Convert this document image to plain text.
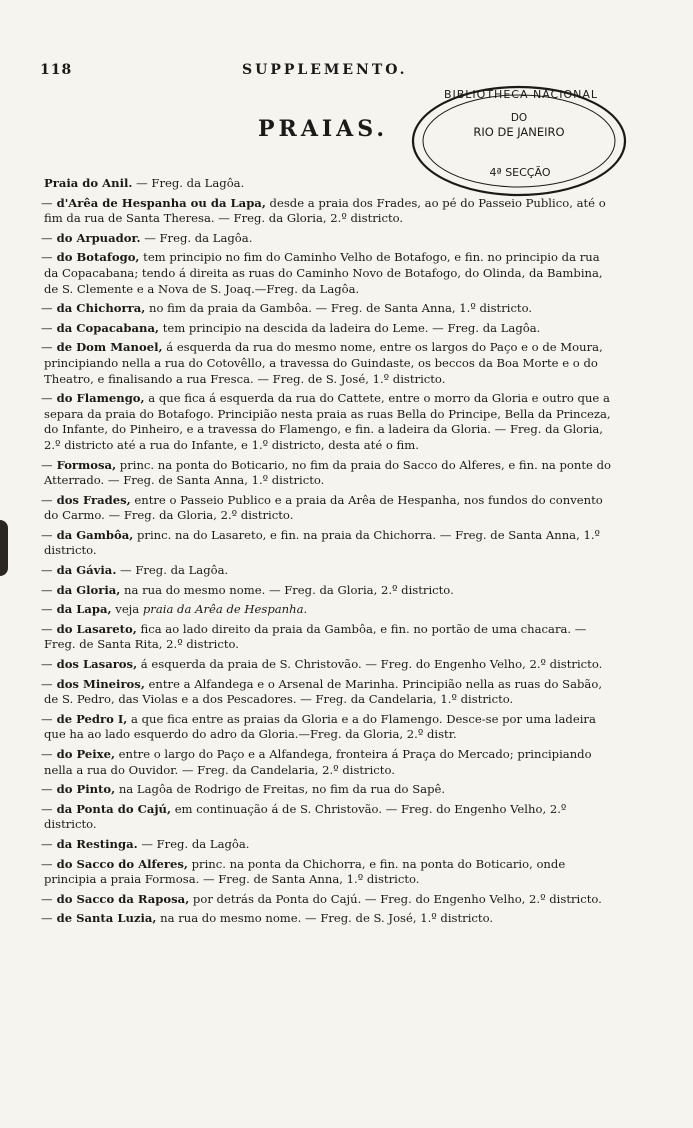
118	SUPPLEMENTO.
PRAIAS.
BIBLIOTHECA NACIONAL
DO
RIO DE JANEIRO
4ª SECÇÃO

Praia do Anil. — Freg. da Lagôa.

— d'Arêa de Hespanha ou da Lapa, desde a praia dos Frades, ao pé do Passeio Publico, até o fim da rua de Santa Theresa. — Freg. da Gloria, 2.º districto.

— do Arpuador. — Freg. da Lagôa.

— do Botafogo, tem principio no fim do Caminho Velho de Botafogo, e fin. no principio da rua da Copacabana; tendo á direita as ruas do Caminho Novo de Botafogo, do Olinda, da Bambina, de S. Clemente e a Nova de S. Joaq.—Freg. da Lagôa.

— da Chichorra, no fim da praia da Gambôa. — Freg. de Santa Anna, 1.º districto.

— da Copacabana, tem principio na descida da ladeira do Leme. — Freg. da Lagôa.

— de Dom Manoel, á esquerda da rua do mesmo nome, entre os largos do Paço e o de Moura, principiando nella a rua do Cotovêllo, a travessa do Guindaste, os beccos da Boa Morte e o do Theatro, e finalisando a rua Fresca. — Freg. de S. José, 1.º districto.

— do Flamengo, a que fica á esquerda da rua do Cattete, entre o morro da Gloria e outro que a separa da praia do Botafogo. Principião nesta praia as ruas Bella do Principe, Bella da Princeza, do Infante, do Pinheiro, e a travessa do Flamengo, e fin. a ladeira da Gloria. — Freg. da Gloria, 2.º districto até a rua do Infante, e 1.º districto, desta até o fim.

— Formosa, princ. na ponta do Boticario, no fim da praia do Sacco do Alferes, e fin. na ponte do Atterrado. — Freg. de Santa Anna, 1.º districto.

— dos Frades, entre o Passeio Publico e a praia da Arêa de Hespanha, nos fundos do convento do Carmo. — Freg. da Gloria, 2.º districto.

— da Gambôa, princ. na do Lasareto, e fin. na praia da Chichorra. — Freg. de Santa Anna, 1.º districto.

— da Gávia. — Freg. da Lagôa.

— da Gloria, na rua do mesmo nome. — Freg. da Gloria, 2.º districto.

— da Lapa, veja praia da Arêa de Hespanha.

— do Lasareto, fica ao lado direito da praia da Gambôa, e fin. no portão de uma chacara. — Freg. de Santa Rita, 2.º districto.

— dos Lasaros, á esquerda da praia de S. Christovão. — Freg. do Engenho Velho, 2.º districto.

— dos Mineiros, entre a Alfandega e o Arsenal de Marinha. Principião nella as ruas do Sabão, de S. Pedro, das Violas e a dos Pescadores. — Freg. da Candelaria, 1.º districto.

— de Pedro I, a que fica entre as praias da Gloria e a do Flamengo. Desce-se por uma ladeira que ha ao lado esquerdo do adro da Gloria.—Freg. da Gloria, 2.º distr.

— do Peixe, entre o largo do Paço e a Alfandega, fronteira á Praça do Mercado; principiando nella a rua do Ouvidor. — Freg. da Candelaria, 2.º districto.

— do Pinto, na Lagôa de Rodrigo de Freitas, no fim da rua do Sapê.

— da Ponta do Cajú, em continuação á de S. Christovão. — Freg. do Engenho Velho, 2.º districto.

— da Restinga. — Freg. da Lagôa.

— do Sacco do Alferes, princ. na ponta da Chichorra, e fin. na ponta do Boticario, onde principia a praia Formosa. — Freg. de Santa Anna, 1.º districto.

— do Sacco da Raposa, por detrás da Ponta do Cajú. — Freg. do Engenho Velho, 2.º districto.

— de Santa Luzia, na rua do mesmo nome. — Freg. de S. José, 1.º districto.
